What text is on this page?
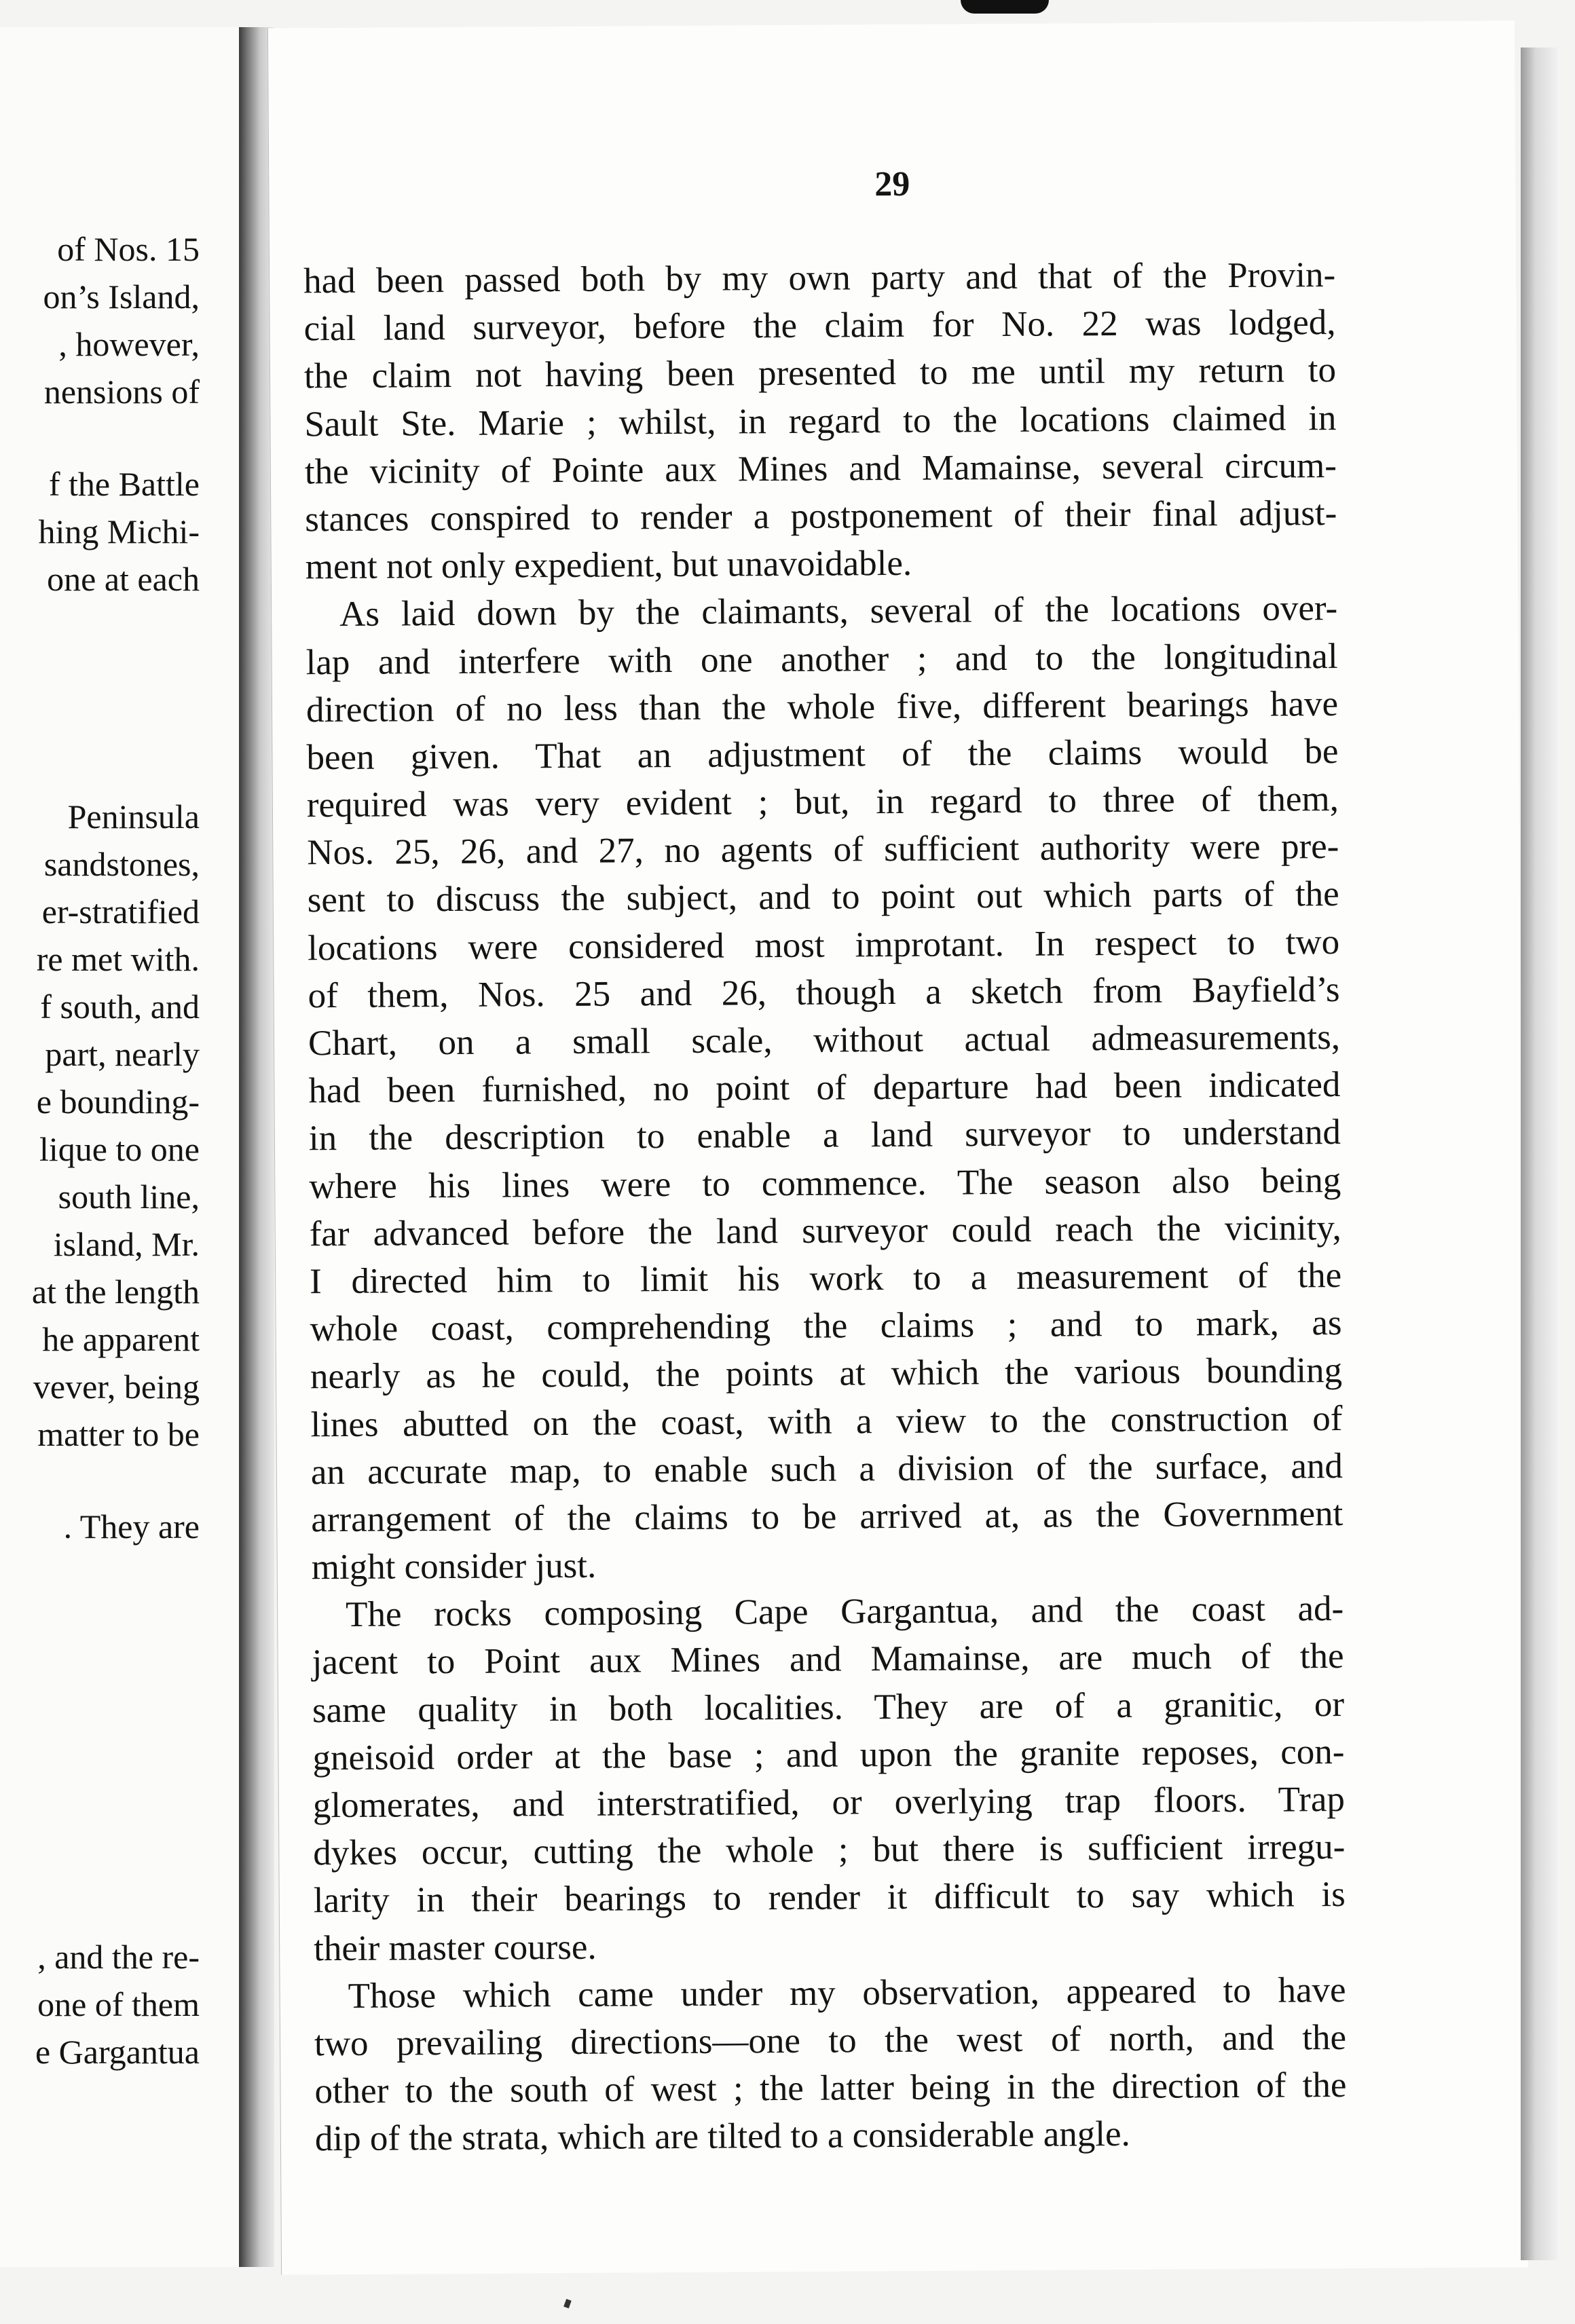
of Nos. 15
on’s Island,
, however,
nensions of
f the Battle
hing Michi-
one at each
Peninsula
sandstones,
er-stratified
re met with.
f south, and
part, nearly
e bounding-
lique to one
south line,
island, Mr.
at the length
he apparent
vever, being
matter to be
. They are
, and the re-
one of them
e Gargantua
29
had been passed both by my own party and that of the Provin-
cial land surveyor, before the claim for No. 22 was lodged,
the claim not having been presented to me until my return to
Sault Ste. Marie ; whilst, in regard to the locations claimed in
the vicinity of Pointe aux Mines and Mamainse, several circum-
stances conspired to render a postponement of their final adjust-
ment not only expedient, but unavoidable.
As laid down by the claimants, several of the locations over-
lap and interfere with one another ; and to the longitudinal
direction of no less than the whole five, different bearings have
been given. That an adjustment of the claims would be
required was very evident ; but, in regard to three of them,
Nos. 25, 26, and 27, no agents of sufficient authority were pre-
sent to discuss the subject, and to point out which parts of the
locations were considered most improtant. In respect to two
of them, Nos. 25 and 26, though a sketch from Bayfield’s
Chart, on a small scale, without actual admeasurements,
had been furnished, no point of departure had been indicated
in the description to enable a land surveyor to understand
where his lines were to commence. The season also being
far advanced before the land surveyor could reach the vicinity,
I directed him to limit his work to a measurement of the
whole coast, comprehending the claims ; and to mark, as
nearly as he could, the points at which the various bounding
lines abutted on the coast, with a view to the construction of
an accurate map, to enable such a division of the surface, and
arrangement of the claims to be arrived at, as the Government
might consider just.
The rocks composing Cape Gargantua, and the coast ad-
jacent to Point aux Mines and Mamainse, are much of the
same quality in both localities. They are of a granitic, or
gneisoid order at the base ; and upon the granite reposes, con-
glomerates, and interstratified, or overlying trap floors. Trap
dykes occur, cutting the whole ; but there is sufficient irregu-
larity in their bearings to render it difficult to say which is
their master course.
Those which came under my observation, appeared to have
two prevailing directions—one to the west of north, and the
other to the south of west ; the latter being in the direction of the
dip of the strata, which are tilted to a considerable angle.
